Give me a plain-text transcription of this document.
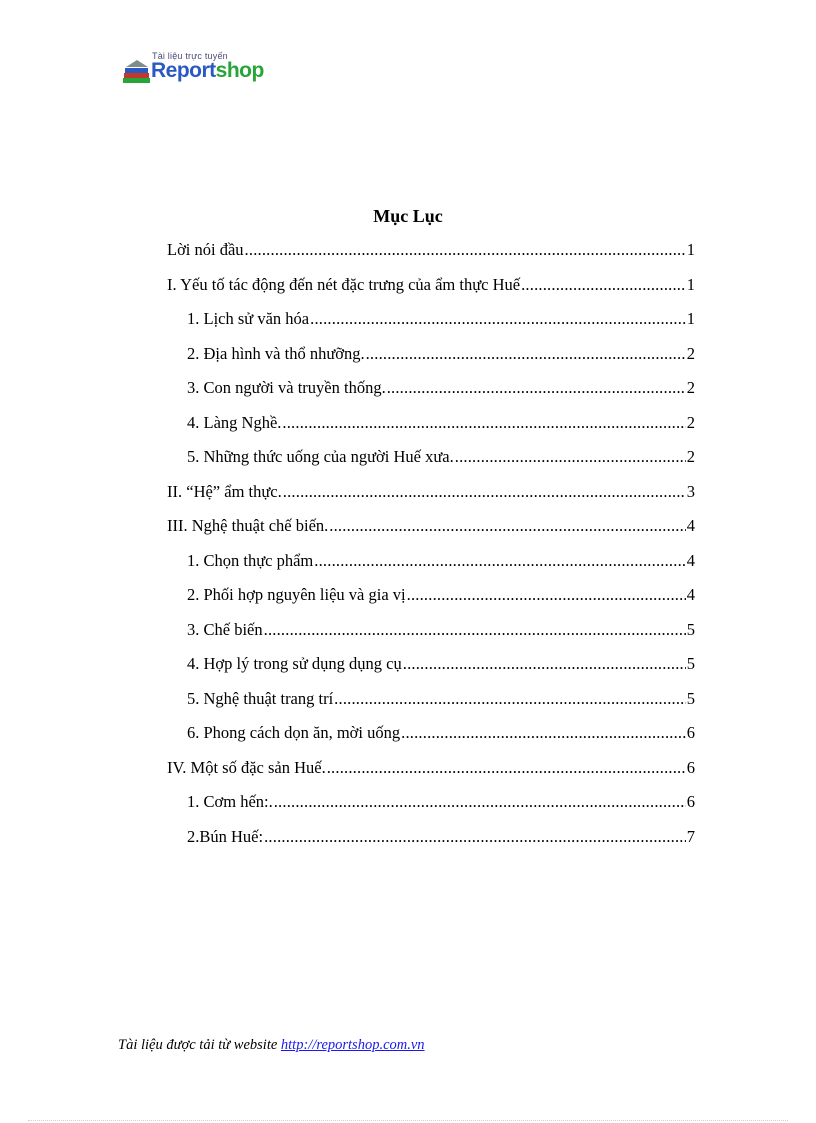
Tài liệu trực tuyến
Reportshop
Mục Lục
Lời nói đầu .....	1
I. Yếu tố tác động đến nét đặc trưng của ẩm thực Huế .....	1
1. Lịch sử văn hóa .....	1
2. Địa hình và thổ nhưỡng. .....	2
3. Con người và truyền thống. .....	2
4. Làng Nghề. .....	2
5. Những thức uống của người Huế xưa. .....	2
II. “Hệ” ẩm thực. .....	3
III. Nghệ thuật chế biến. .....	4
1. Chọn thực phẩm .....	4
2. Phối hợp nguyên liệu và gia vị .....	4
3. Chế biến .....	5
4. Hợp lý trong sử dụng dụng cụ .....	5
5. Nghệ thuật trang trí .....	5
6. Phong cách dọn ăn, mời uống .....	6
IV. Một số đặc sản Huế. .....	6
1. Cơm hến:. .....	6
2.Bún Huế: .....	7
Tài liệu được tải từ website http://reportshop.com.vn
